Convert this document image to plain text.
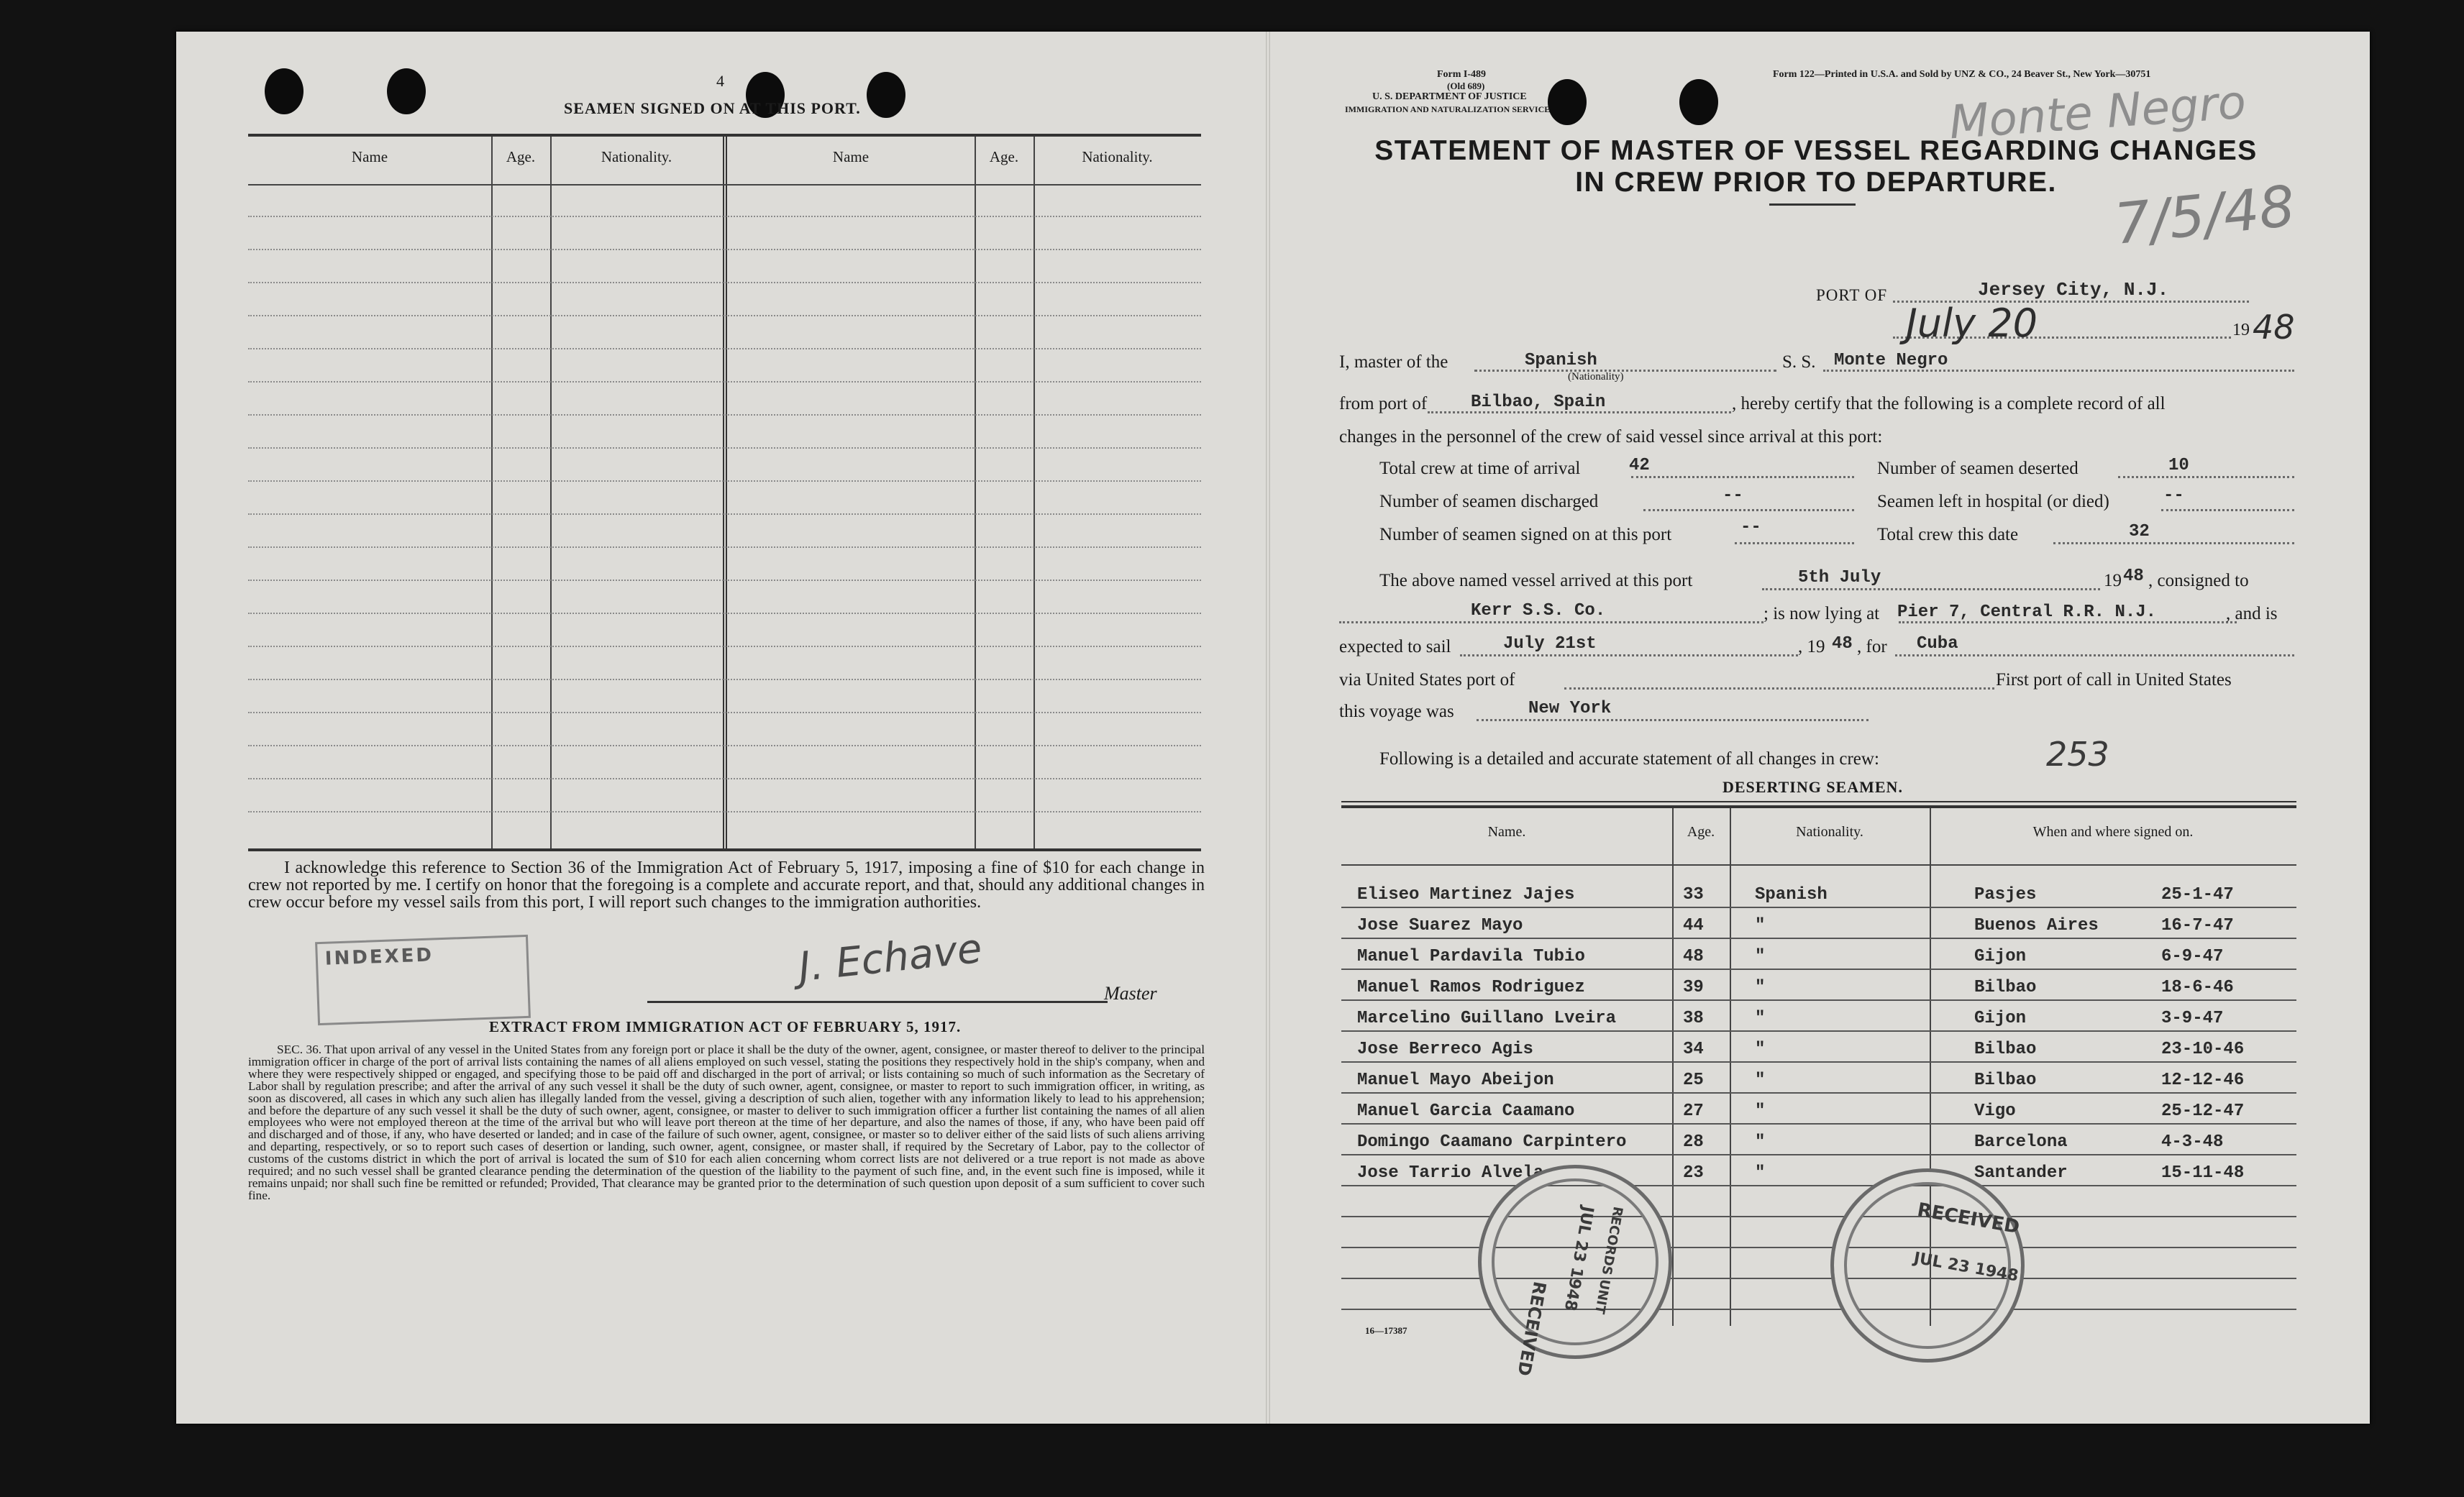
4
SEAMEN SIGNED ON AT THIS PORT.
Name	Age.	Nationality.	Name	Age.	Nationality.
I acknowledge this reference to Section 36 of the Immigration Act of February 5, 1917, imposing a fine of $10 for each change in crew not reported by me. I certify on honor that the foregoing is a complete and accurate report, and that, should any additional changes in crew occur before my vessel sails from this port, I will report such changes to the immigration authorities.
INDEXED	J. Echave
Master
EXTRACT FROM IMMIGRATION ACT OF FEBRUARY 5, 1917.
SEC. 36. That upon arrival of any vessel in the United States from any foreign port or place it shall be the duty of the owner, agent, consignee, or master thereof to deliver to the principal immigration officer in charge of the port of arrival lists containing the names of all aliens employed on such vessel, stating the positions they respectively hold in the ship's company, when and where they were respectively shipped or engaged, and specifying those to be paid off and discharged in the port of arrival; or lists containing so much of such information as the Secretary of Labor shall by regulation prescribe; and after the arrival of any such vessel it shall be the duty of such owner, agent, consignee, or master to report to such immigration officer, in writing, as soon as discovered, all cases in which any such alien has illegally landed from the vessel, giving a description of such alien, together with any information likely to lead to his apprehension; and before the departure of any such vessel it shall be the duty of such owner, agent, consignee, or master to deliver to such immigration officer a further list containing the names of all alien employees who were not employed thereon at the time of the arrival but who will leave port thereon at the time of her departure, and also the names of those, if any, who have been paid off and discharged and of those, if any, who have deserted or landed; and in case of the failure of such owner, agent, consignee, or master so to deliver either of the said lists of such aliens arriving and departing, respectively, or so to report such cases of desertion or landing, such owner, agent, consignee, or master shall, if required by the Secretary of Labor, pay to the collector of customs of the customs district in which the port of arrival is located the sum of $10 for each alien concerning whom correct lists are not delivered or a true report is not made as above required; and no such vessel shall be granted clearance pending the determination of the question of the liability to the payment of such fine, and, in the event such fine is imposed, while it remains unpaid; nor shall such fine be remitted or refunded; Provided, That clearance may be granted prior to the determination of such question upon deposit of a sum sufficient to cover such fine.
Form I-489
(Old 689)
U. S. DEPARTMENT OF JUSTICE
IMMIGRATION AND NATURALIZATION SERVICE
Form 122—Printed in U.S.A. and Sold by UNZ & CO., 24 Beaver St., New York—30751
Monte Negro
7/5/48
STATEMENT OF MASTER OF VESSEL REGARDING CHANGES
IN CREW PRIOR TO DEPARTURE.
PORT OF	Jersey City, N.J.
July 20	19 48
I, master of the	Spanish
(Nationality)
S. S. Monte Negro
from port of	Bilbao, Spain	, hereby certify that the following is a complete record of all
changes in the personnel of the crew of said vessel since arrival at this port:
Total crew at time of arrival	42	Number of seamen deserted	10
Number of seamen discharged	--	Seamen left in hospital (or died)	--
Number of seamen signed on at this port	--	Total crew this date	32
The above named vessel arrived at this port	5th July	19 48 , consigned to
Kerr S.S. Co.	; is now lying at Pier 7, Central R.R. N.J.	, and is
expected to sail	July 21st	, 19 48 , for Cuba
via United States port of	First port of call in United States
this voyage was	New York
Following is a detailed and accurate statement of all changes in crew:	253
DESERTING SEAMEN.
Name.	Age.	Nationality.	When and where signed on.
Eliseo Martinez Jajes	33	Spanish	Pasjes	25-1-47
Jose Suarez Mayo	44	"	Buenos Aires	16-7-47
Manuel Pardavila Tubio	48	"	Gijon	6-9-47
Manuel Ramos Rodriguez	39	"	Bilbao	18-6-46
Marcelino Guillano Lveira	38	"	Gijon	3-9-47
Jose Berreco Agis	34	"	Bilbao	23-10-46
Manuel Mayo Abeijon	25	"	Bilbao	12-12-46
Manuel Garcia Caamano	27	"	Vigo	25-12-47
Domingo Caamano Carpintero	28	"	Barcelona	4-3-48
Jose Tarrio Alvela	23	"	Santander	15-11-48
16—17387	RECEIVED
JUL 23 1948
RECORDS UNIT	RECEIVED
JUL 23 1948
